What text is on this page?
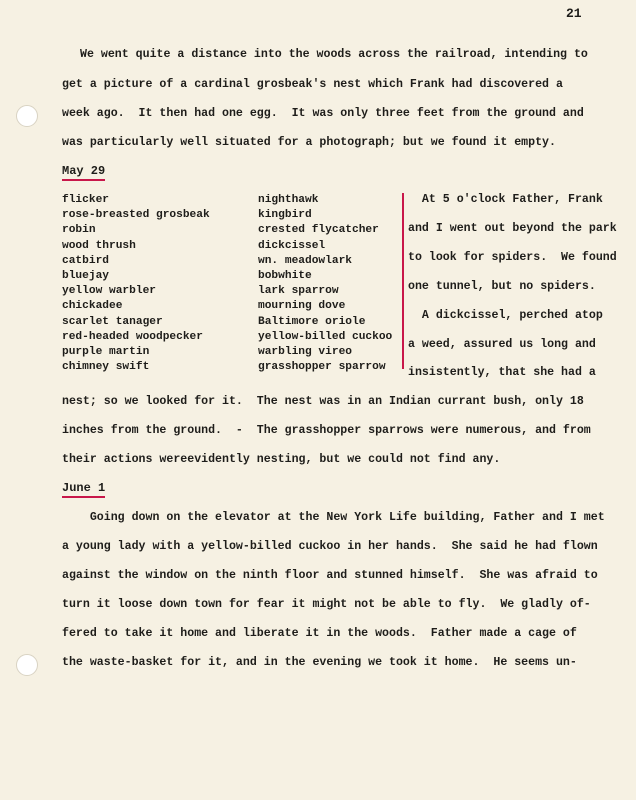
21
We went quite a distance into the woods across the railroad, intending to
get a picture of a cardinal grosbeak's nest which Frank had discovered a
week ago.  It then had one egg.  It was only three feet from the ground and
was particularly well situated for a photograph; but we found it empty.
May 29
flicker
rose-breasted grosbeak
robin
wood thrush
catbird
bluejay
yellow warbler
chickadee
scarlet tanager
red-headed woodpecker
purple martin
chimney swift
nighthawk
kingbird
crested flycatcher
dickcissel
wn. meadowlark
bobwhite
lark sparrow
mourning dove
Baltimore oriole
yellow-billed cuckoo
warbling vireo
grasshopper sparrow
At 5 o'clock Father, Frank
and I went out beyond the park
to look for spiders.  We found
one tunnel, but no spiders.
A dickcissel, perched atop
a weed, assured us long and
insistently, that she had a
nest; so we looked for it.  The nest was in an Indian currant bush, only 18
inches from the ground.  -  The grasshopper sparrows were numerous, and from
their actions wereevidently nesting, but we could not find any.
June 1
Going down on the elevator at the New York Life building, Father and I met
a young lady with a yellow-billed cuckoo in her hands.  She said he had flown
against the window on the ninth floor and stunned himself.  She was afraid to
turn it loose down town for fear it might not be able to fly.  We gladly of-
fered to take it home and liberate it in the woods.  Father made a cage of
the waste-basket for it, and in the evening we took it home.  He seems un-
